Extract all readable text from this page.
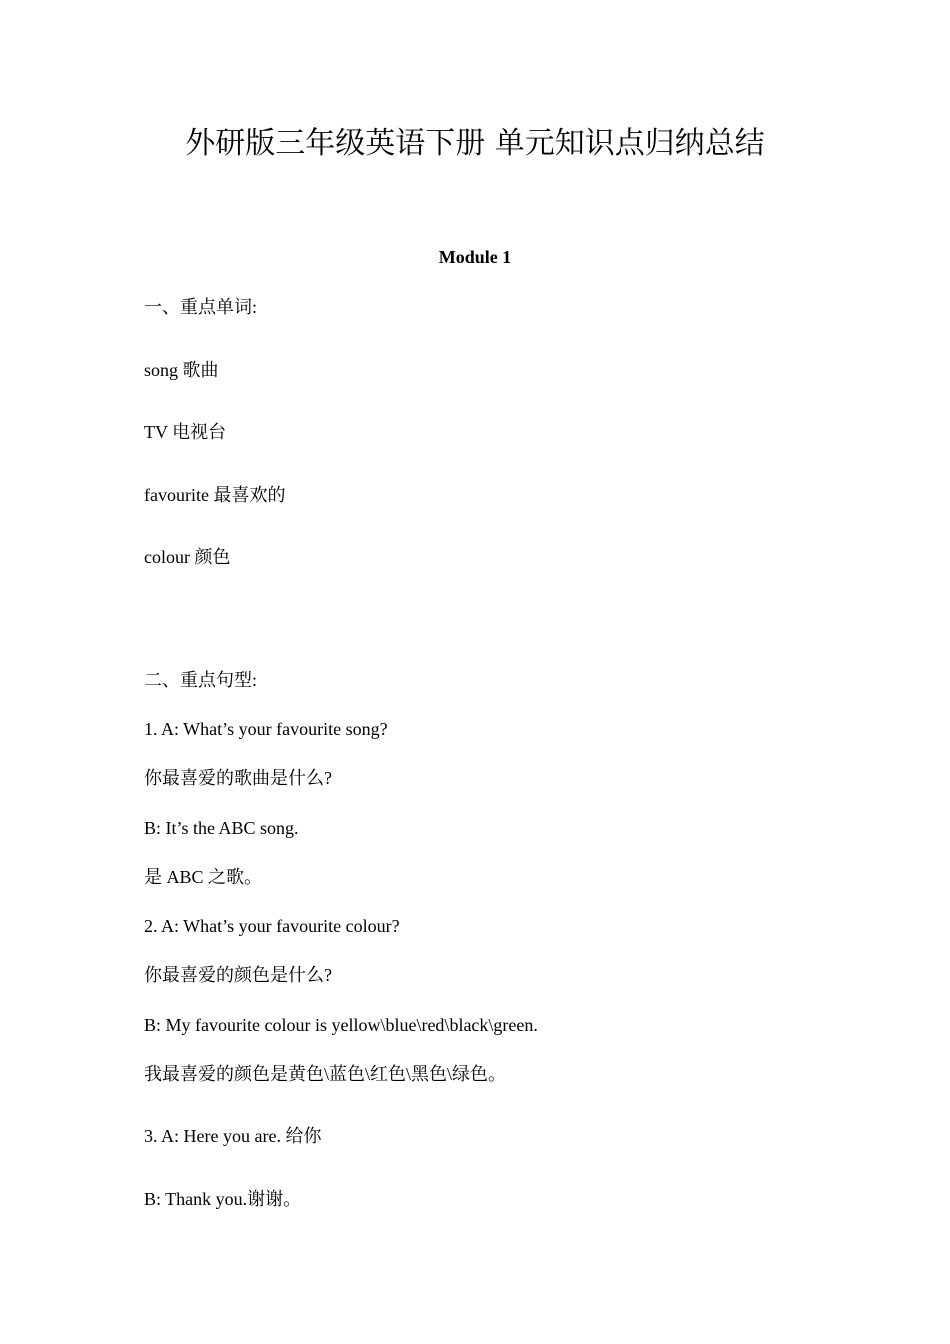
外研版三年级英语下册 单元知识点归纳总结
Module 1
一、重点单词:
song 歌曲
TV 电视台
favourite 最喜欢的
colour 颜色
二、重点句型:
1. A: What’s your favourite song?
你最喜爱的歌曲是什么?
B: It’s the ABC song.
是 ABC 之歌。
2. A: What’s your favourite colour?
你最喜爱的颜色是什么?
B: My favourite colour is yellow\blue\red\black\green.
我最喜爱的颜色是黄色\蓝色\红色\黑色\绿色。
3. A: Here you are. 给你
B: Thank you.谢谢。
